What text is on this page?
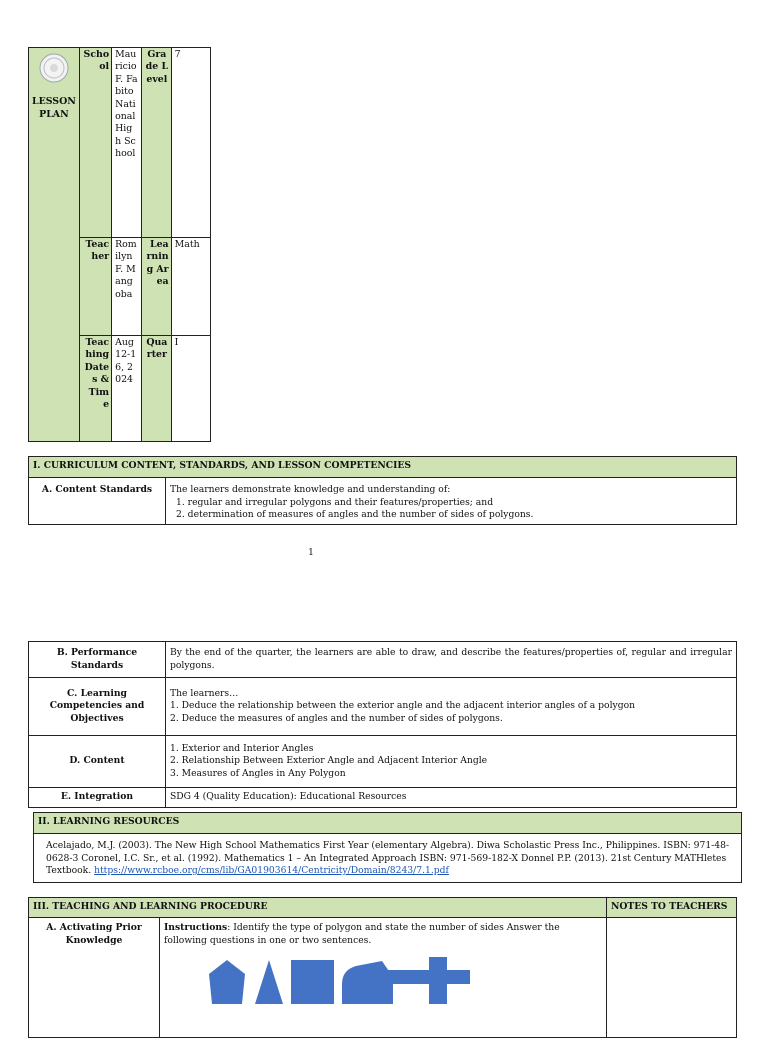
LESSON PLAN	School	Mauricio F. Fabito National High School	Grade Level	7
	Teacher	Romilyn F. Mangoba	Learning Area	Math
	Teaching Dates & Time	Aug 12-16, 2024	Quarter	I
I. CURRICULUM CONTENT, STANDARDS, AND LESSON COMPETENCIES
A. Content Standards	The learners demonstrate knowledge and understanding of:
1. regular and irregular polygons and their features/properties; and
2. determination of measures of angles and the number of sides of polygons.
1
B. Performance Standards	By the end of the quarter, the learners are able to draw, and describe the features/properties of, regular and irregular polygons.
C. Learning Competencies and Objectives	The learners…
1. Deduce the relationship between the exterior angle and the adjacent interior angles of a polygon
2. Deduce the measures of angles and the number of sides of polygons.

D. Content	1. Exterior and Interior Angles
2. Relationship Between Exterior Angle and Adjacent Interior Angle
3. Measures of Angles in Any Polygon

E. Integration	SDG 4 (Quality Education): Educational Resources
II. LEARNING RESOURCES
Acelajado, M.J. (2003). The New High School Mathematics First Year (elementary Algebra). Diwa Scholastic Press Inc., Philippines. ISBN: 971-48-0628-3 Coronel, I.C. Sr., et al. (1992). Mathematics 1 – An Integrated Approach ISBN: 971-569-182-X Donnel P.P. (2013). 21st Century MATHletes Textbook. https://www.rcboe.org/cms/lib/GA01903614/Centricity/Domain/8243/7.1.pdf
III. TEACHING AND LEARNING PROCEDURE		NOTES TO TEACHERS
A. Activating Prior Knowledge	Instructions: Identify the type of polygon and state the number of sides Answer the following questions in one or two sentences.	
